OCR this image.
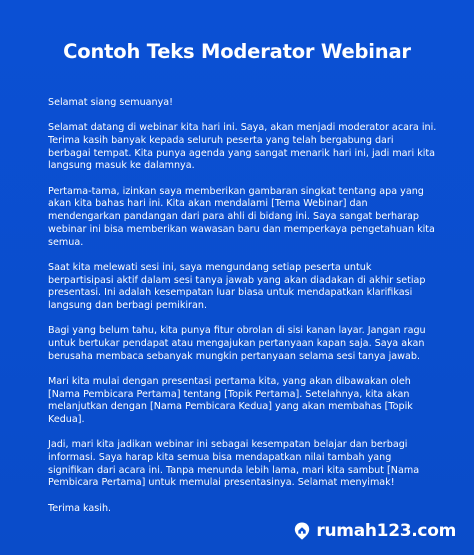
Contoh Teks Moderator Webinar

Selamat siang semuanya!

Selamat datang di webinar kita hari ini. Saya, akan menjadi moderator acara ini. Terima kasih banyak kepada seluruh peserta yang telah bergabung dari berbagai tempat. Kita punya agenda yang sangat menarik hari ini, jadi mari kita langsung masuk ke dalamnya.

Pertama-tama, izinkan saya memberikan gambaran singkat tentang apa yang akan kita bahas hari ini. Kita akan mendalami [Tema Webinar] dan mendengarkan pandangan dari para ahli di bidang ini. Saya sangat berharap webinar ini bisa memberikan wawasan baru dan memperkaya pengetahuan kita semua.

Saat kita melewati sesi ini, saya mengundang setiap peserta untuk berpartisipasi aktif dalam sesi tanya jawab yang akan diadakan di akhir setiap presentasi. Ini adalah kesempatan luar biasa untuk mendapatkan klarifikasi langsung dan berbagi pemikiran.

Bagi yang belum tahu, kita punya fitur obrolan di sisi kanan layar. Jangan ragu untuk bertukar pendapat atau mengajukan pertanyaan kapan saja. Saya akan berusaha membaca sebanyak mungkin pertanyaan selama sesi tanya jawab.

Mari kita mulai dengan presentasi pertama kita, yang akan dibawakan oleh [Nama Pembicara Pertama] tentang [Topik Pertama]. Setelahnya, kita akan melanjutkan dengan [Nama Pembicara Kedua] yang akan membahas [Topik Kedua].

Jadi, mari kita jadikan webinar ini sebagai kesempatan belajar dan berbagi informasi. Saya harap kita semua bisa mendapatkan nilai tambah yang signifikan dari acara ini. Tanpa menunda lebih lama, mari kita sambut [Nama Pembicara Pertama] untuk memulai presentasinya. Selamat menyimak!

Terima kasih.

rumah123.com
